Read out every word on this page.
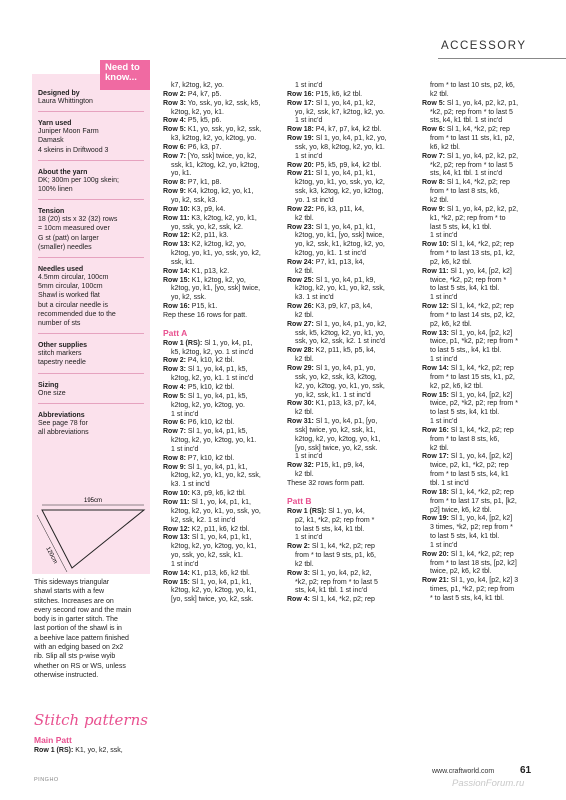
ACCESSORY
Designed by
Laura Whittington
Yarn used
Juniper Moon Farm
Damask
4 skeins in Driftwood 3
About the yarn
DK; 300m per 100g skein;
100% linen
Tension
18 (20) sts x 32 (32) rows
= 10cm measured over
G st (patt) on larger
(smaller) needles
Needles used
4.5mm circular, 100cm
5mm circular, 100cm
Shawl is worked flat
but a circular needle is
recommended due to the
number of sts
Other supplies
stitch markers
tapestry needle
Sizing
One size
Abbreviations
See page 78 for
all abbreviations
Need to know...
195cm
120cm
This sideways triangular
shawl starts with a few
stitches. Increases are on
every second row and the main
body is in garter stitch. The
last portion of the shawl is in
a beehive lace pattern finished
with an edging based on 2x2
rib. Slip all sts p-wise wyib
whether on RS or WS, unless
otherwise instructed.
Stitch patterns
Main Patt
Row 1 (RS): K1, yo, k2, ssk,

k7, k2tog, k2, yo.

Row 2: P4, k7, p5.

Row 3: Yo, ssk, yo, k2, ssk, k5,

k2tog, k2, yo, k1.

Row 4: P5, k5, p6.

Row 5: K1, yo, ssk, yo, k2, ssk,

k3, k2tog, k2, yo, k2tog, yo.

Row 6: P6, k3, p7.

Row 7: [Yo, ssk] twice, yo, k2,

ssk, k1, k2tog, k2, yo, k2tog,

yo, k1.

Row 8: P7, k1, p8.

Row 9: K4, k2tog, k2, yo, k1,

yo, k2, ssk, k3.

Row 10: K3, p9, k4.

Row 11: K3, k2tog, k2, yo, k1,

yo, ssk, yo, k2, ssk, k2.

Row 12: K2, p11, k3.

Row 13: K2, k2tog, k2, yo,

k2tog, yo, k1, yo, ssk, yo, k2,

ssk, k1.

Row 14: K1, p13, k2.

Row 15: K1, k2tog, k2, yo,

k2tog, yo, k1, [yo, ssk] twice,

yo, k2, ssk.

Row 16: P15, k1.

Rep these 16 rows for patt.

Patt A

Row 1 (RS): Sl 1, yo, k4, p1,

k5, k2tog, k2, yo. 1 st inc'd

Row 2: P4, k10, k2 tbl.

Row 3: Sl 1, yo, k4, p1, k5,

k2tog, k2, yo, k1. 1 st inc'd

Row 4: P5, k10, k2 tbl.

Row 5: Sl 1, yo, k4, p1, k5,

k2tog, k2, yo, k2tog, yo.

1 st inc'd

Row 6: P6, k10, k2 tbl.

Row 7: Sl 1, yo, k4, p1, k5,

k2tog, k2, yo, k2tog, yo, k1.

1 st inc'd

Row 8: P7, k10, k2 tbl.

Row 9: Sl 1, yo, k4, p1, k1,

k2tog, k2, yo, k1, yo, k2, ssk,

k3. 1 st inc'd

Row 10: K3, p9, k6, k2 tbl.

Row 11: Sl 1, yo, k4, p1, k1,

k2tog, k2, yo, k1, yo, ssk, yo,

k2, ssk, k2. 1 st inc'd

Row 12: K2, p11, k6, k2 tbl.

Row 13: Sl 1, yo, k4, p1, k1,

k2tog, k2, yo, k2tog, yo, k1,

yo, ssk, yo, k2, ssk, k1.

1 st inc'd

Row 14: K1, p13, k6, k2 tbl.

Row 15: Sl 1, yo, k4, p1, k1,

k2tog, k2, yo, k2tog, yo, k1,

[yo, ssk] twice, yo, k2, ssk.

1 st inc'd

Row 16: P15, k6, k2 tbl.

Row 17: Sl 1, yo, k4, p1, k2,

yo, k2, ssk, k7, k2tog, k2, yo.

1 st inc'd

Row 18: P4, k7, p7, k4, k2 tbl.

Row 19: Sl 1, yo, k4, p1, k2, yo,

ssk, yo, k8, k2tog, k2, yo, k1.

1 st inc'd

Row 20: P5, k5, p9, k4, k2 tbl.

Row 21: Sl 1, yo, k4, p1, k1,

k2tog, yo, k1, yo, ssk, yo, k2,

ssk, k3, k2tog, k2, yo, k2tog,

yo. 1 st inc'd

Row 22: P6, k3, p11, k4,

k2 tbl.

Row 23: Sl 1, yo, k4, p1, k1,

k2tog, yo, k1, [yo, ssk] twice,

yo, k2, ssk, k1, k2tog, k2, yo,

k2tog, yo, k1. 1 st inc'd

Row 24: P7, k1, p13, k4,

k2 tbl.

Row 25: Sl 1, yo, k4, p1, k9,

k2tog, k2, yo, k1, yo, k2, ssk,

k3. 1 st inc'd

Row 26: K3, p9, k7, p3, k4,

k2 tbl.

Row 27: Sl 1, yo, k4, p1, yo, k2,

ssk, k5, k2tog, k2, yo, k1, yo,

ssk, yo, k2, ssk, k2. 1 st inc'd

Row 28: K2, p11, k5, p5, k4,

k2 tbl.

Row 29: Sl 1, yo, k4, p1, yo,

ssk, yo, k2, ssk, k3, k2tog,

k2, yo, k2tog, yo, k1, yo, ssk,

yo, k2, ssk, k1. 1 st inc'd

Row 30: K1, p13, k3, p7, k4,

k2 tbl.

Row 31: Sl 1, yo, k4, p1, [yo,

ssk] twice, yo, k2, ssk, k1,

k2tog, k2, yo, k2tog, yo, k1,

[yo, ssk] twice, yo, k2, ssk.

1 st inc'd

Row 32: P15, k1, p9, k4,

k2 tbl.

These 32 rows form patt.

Patt B

Row 1 (RS): Sl 1, yo, k4,

p2, k1, *k2, p2; rep from *

to last 5 sts, k4, k1 tbl.

1 st inc'd

Row 2: Sl 1, k4, *k2, p2; rep

from * to last 9 sts, p1, k6,

k2 tbl.

Row 3: Sl 1, yo, k4, p2, k2,

*k2, p2; rep from * to last 5

sts, k4, k1 tbl. 1 st inc'd

Row 4: Sl 1, k4, *k2, p2; rep

from * to last 10 sts, p2, k6,

k2 tbl.

Row 5: Sl 1, yo, k4, p2, k2, p1,

*k2, p2; rep from * to last 5

sts, k4, k1 tbl. 1 st inc'd

Row 6: Sl 1, k4, *k2, p2; rep

from * to last 11 sts, k1, p2,

k6, k2 tbl.

Row 7: Sl 1, yo, k4, p2, k2, p2,

*k2, p2; rep from * to last 5

sts, k4, k1 tbl. 1 st inc'd

Row 8: Sl 1, k4, *k2, p2; rep

from * to last 8 sts, k6,

k2 tbl.

Row 9: Sl 1, yo, k4, p2, k2, p2,

k1, *k2, p2; rep from * to

last 5 sts, k4, k1 tbl.

1 st inc'd

Row 10: Sl 1, k4, *k2, p2; rep

from * to last 13 sts, p1, k2,

p2, k6, k2 tbl.

Row 11: Sl 1, yo, k4, [p2, k2]

twice, *k2, p2; rep from *

to last 5 sts, k4, k1 tbl.

1 st inc'd

Row 12: Sl 1, k4, *k2, p2; rep

from * to last 14 sts, p2, k2,

p2, k6, k2 tbl.

Row 13: Sl 1, yo, k4, [p2, k2]

twice, p1, *k2, p2; rep from *

to last 5 sts,, k4, k1 tbl.

1 st inc'd

Row 14: Sl 1, k4, *k2, p2; rep

from * to last 15 sts, k1, p2,

k2, p2, k6, k2 tbl.

Row 15: Sl 1, yo, k4, [p2, k2]

twice, p2, *k2, p2; rep from *

to last 5 sts, k4, k1 tbl.

1 st inc'd

Row 16: Sl 1, k4, *k2, p2; rep

from * to last 8 sts, k6,

k2 tbl.

Row 17: Sl 1, yo, k4, [p2, k2]

twice, p2, k1, *k2, p2; rep

from * to last 5 sts, k4, k1

tbl. 1 st inc'd

Row 18: Sl 1, k4, *k2, p2; rep

from * to last 17 sts, p1, [k2,

p2] twice, k6, k2 tbl.

Row 19: Sl 1, yo, k4, [p2, k2]

3 times, *k2, p2; rep from *

to last 5 sts, k4, k1 tbl.

1 st inc'd

Row 20: Sl 1, k4, *k2, p2; rep

from * to last 18 sts, [p2, k2]

twice, p2, k6, k2 tbl.

Row 21: Sl 1, yo, k4, [p2, k2] 3

times, p1, *k2, p2; rep from

* to last 5 sts, k4, k1 tbl.

PINGHO
www.craftworld.com	61
PassionForum.ru
